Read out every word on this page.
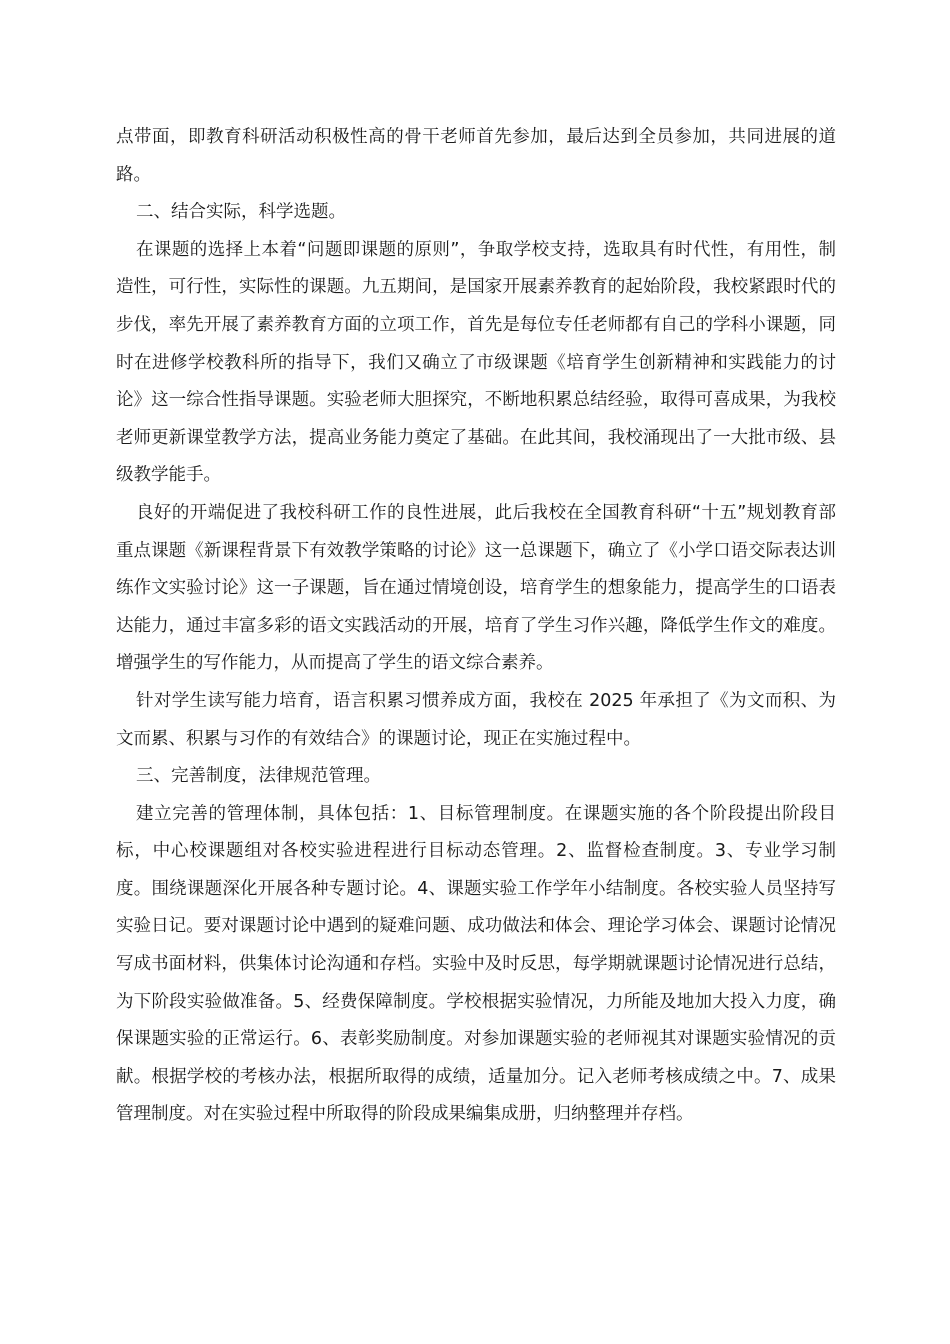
点带面，即教育科研活动积极性高的骨干老师首先参加，最后达到全员参加，共同进展的道路。

二、结合实际，科学选题。

在课题的选择上本着“问题即课题的原则”，争取学校支持，选取具有时代性，有用性，制造性，可行性，实际性的课题。九五期间，是国家开展素养教育的起始阶段，我校紧跟时代的步伐，率先开展了素养教育方面的立项工作，首先是每位专任老师都有自己的学科小课题，同时在进修学校教科所的指导下，我们又确立了市级课题《培育学生创新精神和实践能力的讨论》这一综合性指导课题。实验老师大胆探究，不断地积累总结经验，取得可喜成果，为我校老师更新课堂教学方法，提高业务能力奠定了基础。在此其间，我校涌现出了一大批市级、县级教学能手。

良好的开端促进了我校科研工作的良性进展，此后我校在全国教育科研“十五”规划教育部重点课题《新课程背景下有效教学策略的讨论》这一总课题下，确立了《小学口语交际表达训练作文实验讨论》这一子课题，旨在通过情境创设，培育学生的想象能力，提高学生的口语表达能力，通过丰富多彩的语文实践活动的开展，培育了学生习作兴趣，降低学生作文的难度。增强学生的写作能力，从而提高了学生的语文综合素养。

针对学生读写能力培育，语言积累习惯养成方面，我校在 2025 年承担了《为文而积、为文而累、积累与习作的有效结合》的课题讨论，现正在实施过程中。

三、完善制度，法律规范管理。

建立完善的管理体制，具体包括：1、目标管理制度。在课题实施的各个阶段提出阶段目标，中心校课题组对各校实验进程进行目标动态管理。2、监督检查制度。3、专业学习制度。围绕课题深化开展各种专题讨论。4、课题实验工作学年小结制度。各校实验人员坚持写实验日记。要对课题讨论中遇到的疑难问题、成功做法和体会、理论学习体会、课题讨论情况写成书面材料，供集体讨论沟通和存档。实验中及时反思，每学期就课题讨论情况进行总结，为下阶段实验做准备。5、经费保障制度。学校根据实验情况，力所能及地加大投入力度，确保课题实验的正常运行。6、表彰奖励制度。对参加课题实验的老师视其对课题实验情况的贡献。根据学校的考核办法，根据所取得的成绩，适量加分。记入老师考核成绩之中。7、成果管理制度。对在实验过程中所取得的阶段成果编集成册，归纳整理并存档。
